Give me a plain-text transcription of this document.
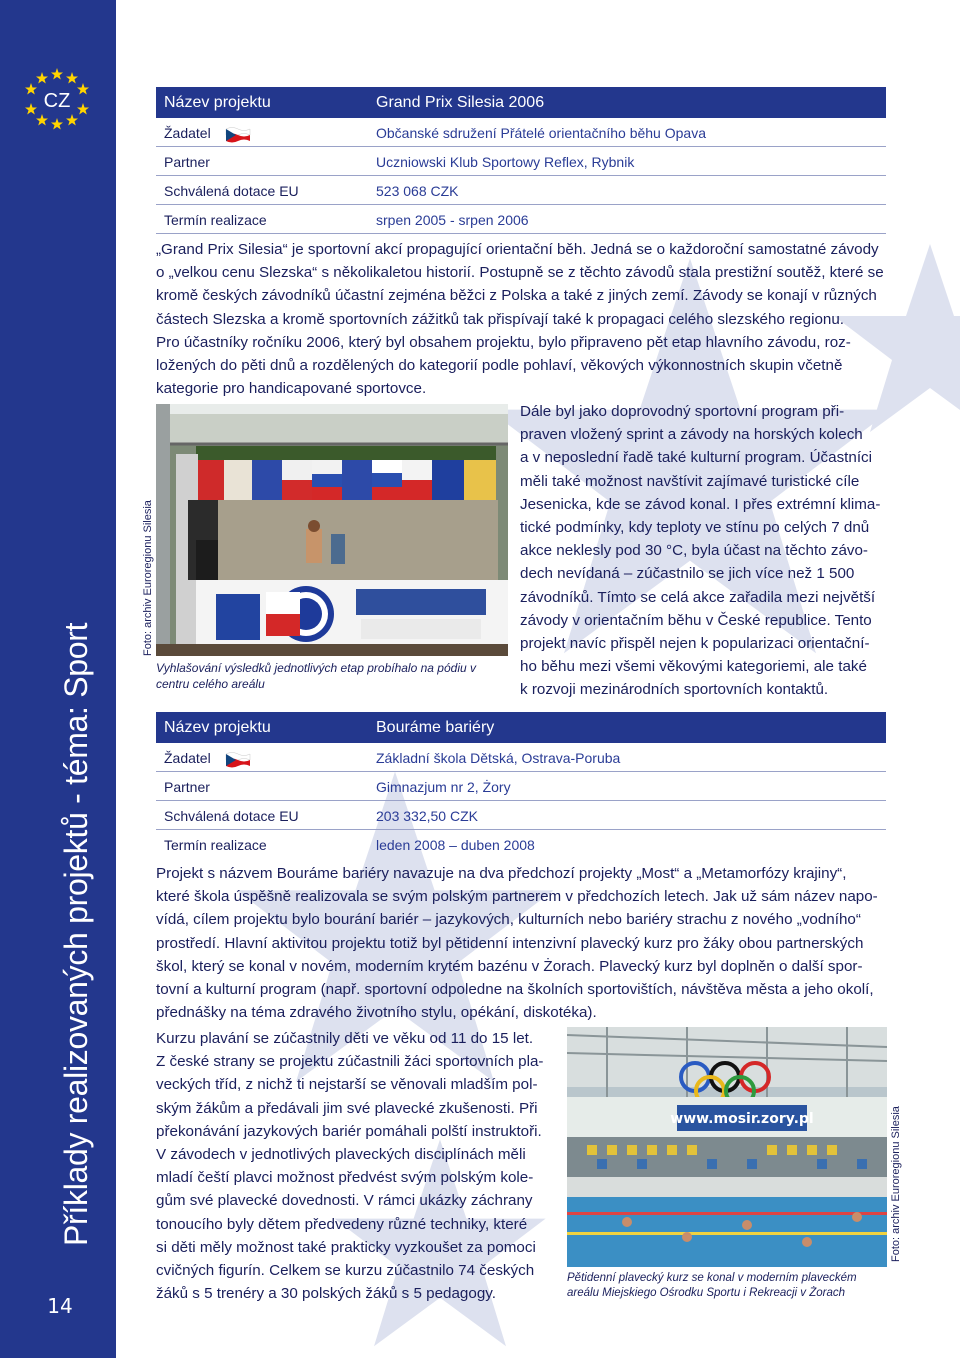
CZ
Příklady realizovaných projektů - téma: Sport
14
Název projektu	Grand Prix Silesia 2006
Žadatel	Občanské sdružení Přátelé orientačního běhu Opava
Partner	Uczniowski Klub Sportowy Reflex, Rybnik
Schválená dotace EU	523 068 CZK
Termín realizace	srpen 2005 - srpen 2006
„Grand Prix Silesia“ je sportovní akcí propagující orientační běh. Jedná se o každoroční samostatné závody
o „velkou cenu Slezska“ s několikaletou historií. Postupně se z těchto závodů stala prestižní soutěž, které se
kromě českých závodníků účastní zejména běžci z Polska a také z jiných zemí. Závody se konají v různých
částech Slezska a kromě sportovních zážitků tak přispívají také k propagaci celého slezského regionu.
Pro účastníky ročníku 2006, který byl obsahem projektu, bylo připraveno pět etap hlavního závodu, roz-
ložených do pěti dnů a rozdělených do kategorií podle pohlaví, věkových výkonnostních skupin včetně
kategorie pro handicapované sportovce.
Dále byl jako doprovodný sportovní program při-
praven vložený sprint a závody na horských kolech
a v neposlední řadě také kulturní program. Účastníci
měli také možnost navštívit zajímavé turistické cíle
Jesenicka, kde se závod konal. I přes extrémní klima-
tické podmínky, kdy teploty ve stínu po celých 7 dnů
akce neklesly pod 30 °C, byla účast na těchto závo-
dech nevídaná – zúčastnilo se jich více než 1 500
závodníků. Tímto se celá akce zařadila mezi největší
závody v orientačním běhu v České republice. Tento
projekt navíc přispěl nejen k popularizaci orientační-
ho běhu mezi všemi věkovými kategoriemi, ale také
k rozvoji mezinárodních sportovních kontaktů.
Foto: archiv Euroregionu Silesia
Vyhlašování výsledků jednotlivých etap probíhalo na pódiu v centru celého areálu
Název projektu	Bouráme bariéry
Žadatel	Základní škola Dětská, Ostrava-Poruba
Partner	Gimnazjum nr 2, Żory
Schválená dotace EU	203 332,50 CZK
Termín realizace	leden 2008 – duben 2008
Projekt s názvem Bouráme bariéry navazuje na dva předchozí projekty „Most“ a „Metamorfózy krajiny“,
které škola úspěšně realizovala se svým polským partnerem v předchozích letech. Jak už sám název napo-
vídá, cílem projektu bylo bourání bariér – jazykových, kulturních nebo bariéry strachu z nového „vodního“
prostředí. Hlavní aktivitou projektu totiž byl pětidenní intenzivní plavecký kurz pro žáky obou partnerských
škol, který se konal v novém, moderním krytém bazénu v Żorach. Plavecký kurz byl doplněn o další spor-
tovní a kulturní program (např. sportovní odpoledne na školních sportovištích, návštěva města a jeho okolí,
přednášky na téma zdravého životního stylu, opékání, diskotéka).
Kurzu plavání se zúčastnily děti ve věku od 11 do 15 let.
Z české strany se projektu zúčastnili žáci sportovních pla-
veckých tříd, z nichž ti nejstarší se věnovali mladším pol-
ským žákům a předávali jim své plavecké zkušenosti. Při
překonávání jazykových bariér pomáhali polští instruktoři.
V závodech v jednotlivých plaveckých disciplínách měli
mladí čeští plavci možnost předvést svým polským kole-
gům své plavecké dovednosti. V rámci ukázky záchrany
tonoucího byly dětem předvedeny různé techniky, které
si děti měly možnost také prakticky vyzkoušet za pomoci
cvičných figurín. Celkem se kurzu zúčastnilo 74 českých
žáků s 5 trenéry a 30 polských žáků s 5 pedagogy.
www.mosir.zory.pl	Foto: archiv Euroregionu Silesia
Pětidenní plavecký kurz se konal v moderním plaveckém areálu Miejskiego Ośrodku Sportu i Rekreacji v Żorach
